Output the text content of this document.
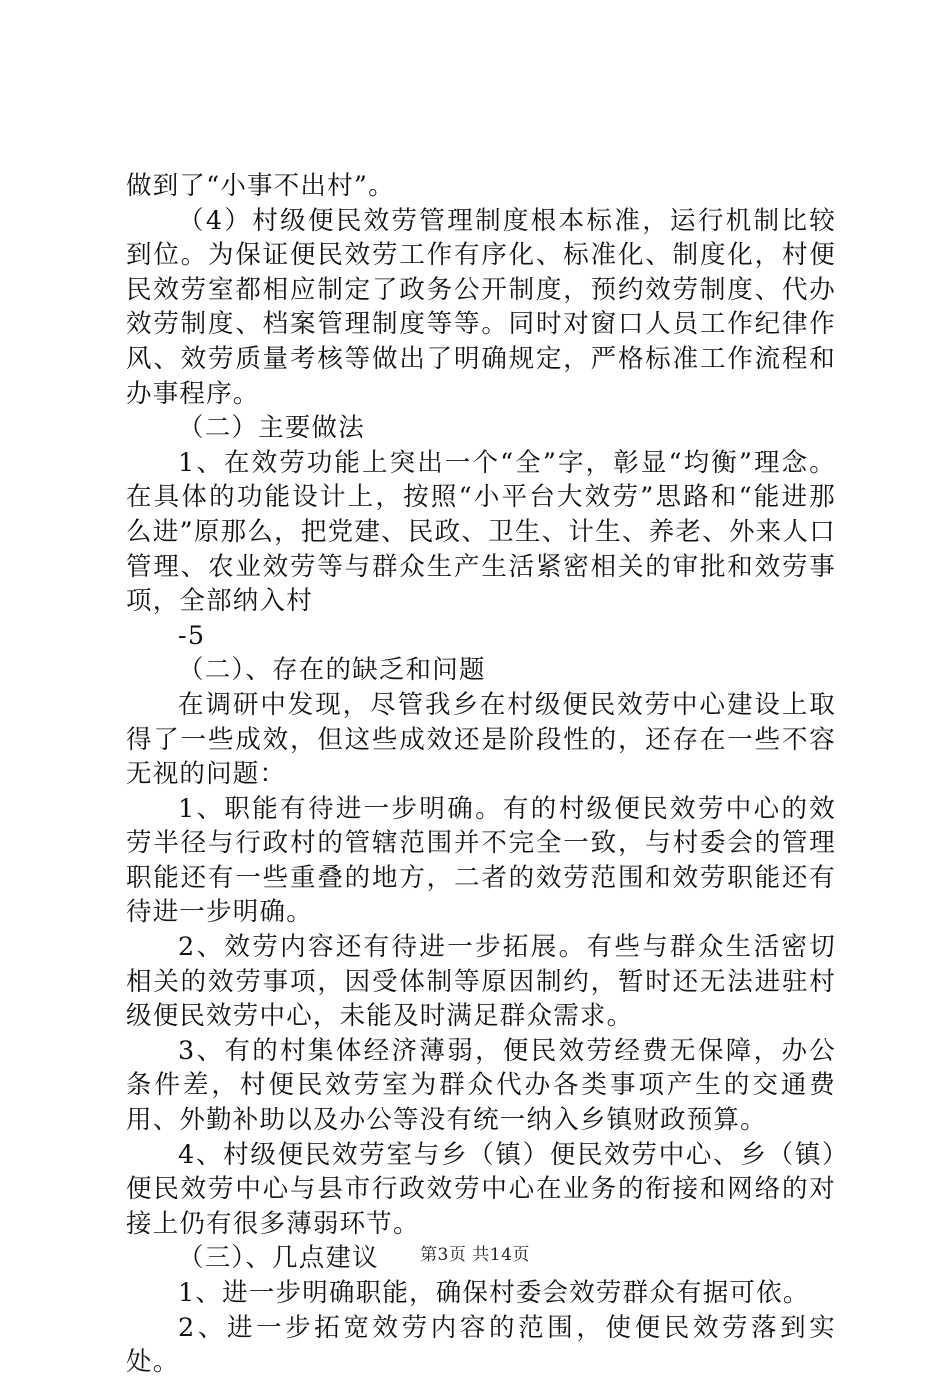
做到了“小事不出村”。

（4）村级便民效劳管理制度根本标准，运行机制比较到位。为保证便民效劳工作有序化、标准化、制度化，村便民效劳室都相应制定了政务公开制度，预约效劳制度、代办效劳制度、档案管理制度等等。同时对窗口人员工作纪律作风、效劳质量考核等做出了明确规定，严格标准工作流程和办事程序。

（二）主要做法

1、在效劳功能上突出一个“全”字，彰显“均衡”理念。在具体的功能设计上，按照“小平台大效劳”思路和“能进那么进”原那么，把党建、民政、卫生、计生、养老、外来人口管理、农业效劳等与群众生产生活紧密相关的审批和效劳事项，全部纳入村

-5

（二）、存在的缺乏和问题

在调研中发现，尽管我乡在村级便民效劳中心建设上取得了一些成效，但这些成效还是阶段性的，还存在一些不容无视的问题：

1、职能有待进一步明确。有的村级便民效劳中心的效劳半径与行政村的管辖范围并不完全一致，与村委会的管理职能还有一些重叠的地方，二者的效劳范围和效劳职能还有待进一步明确。

2、效劳内容还有待进一步拓展。有些与群众生活密切相关的效劳事项，因受体制等原因制约，暂时还无法进驻村级便民效劳中心，未能及时满足群众需求。

3、有的村集体经济薄弱，便民效劳经费无保障，办公条件差，村便民效劳室为群众代办各类事项产生的交通费用、外勤补助以及办公等没有统一纳入乡镇财政预算。

4、村级便民效劳室与乡（镇）便民效劳中心、乡（镇）便民效劳中心与县市行政效劳中心在业务的衔接和网络的对接上仍有很多薄弱环节。

（三）、几点建议

1、进一步明确职能，确保村委会效劳群众有据可依。

2、进一步拓宽效劳内容的范围，使便民效劳落到实处。

第3页 共14页
